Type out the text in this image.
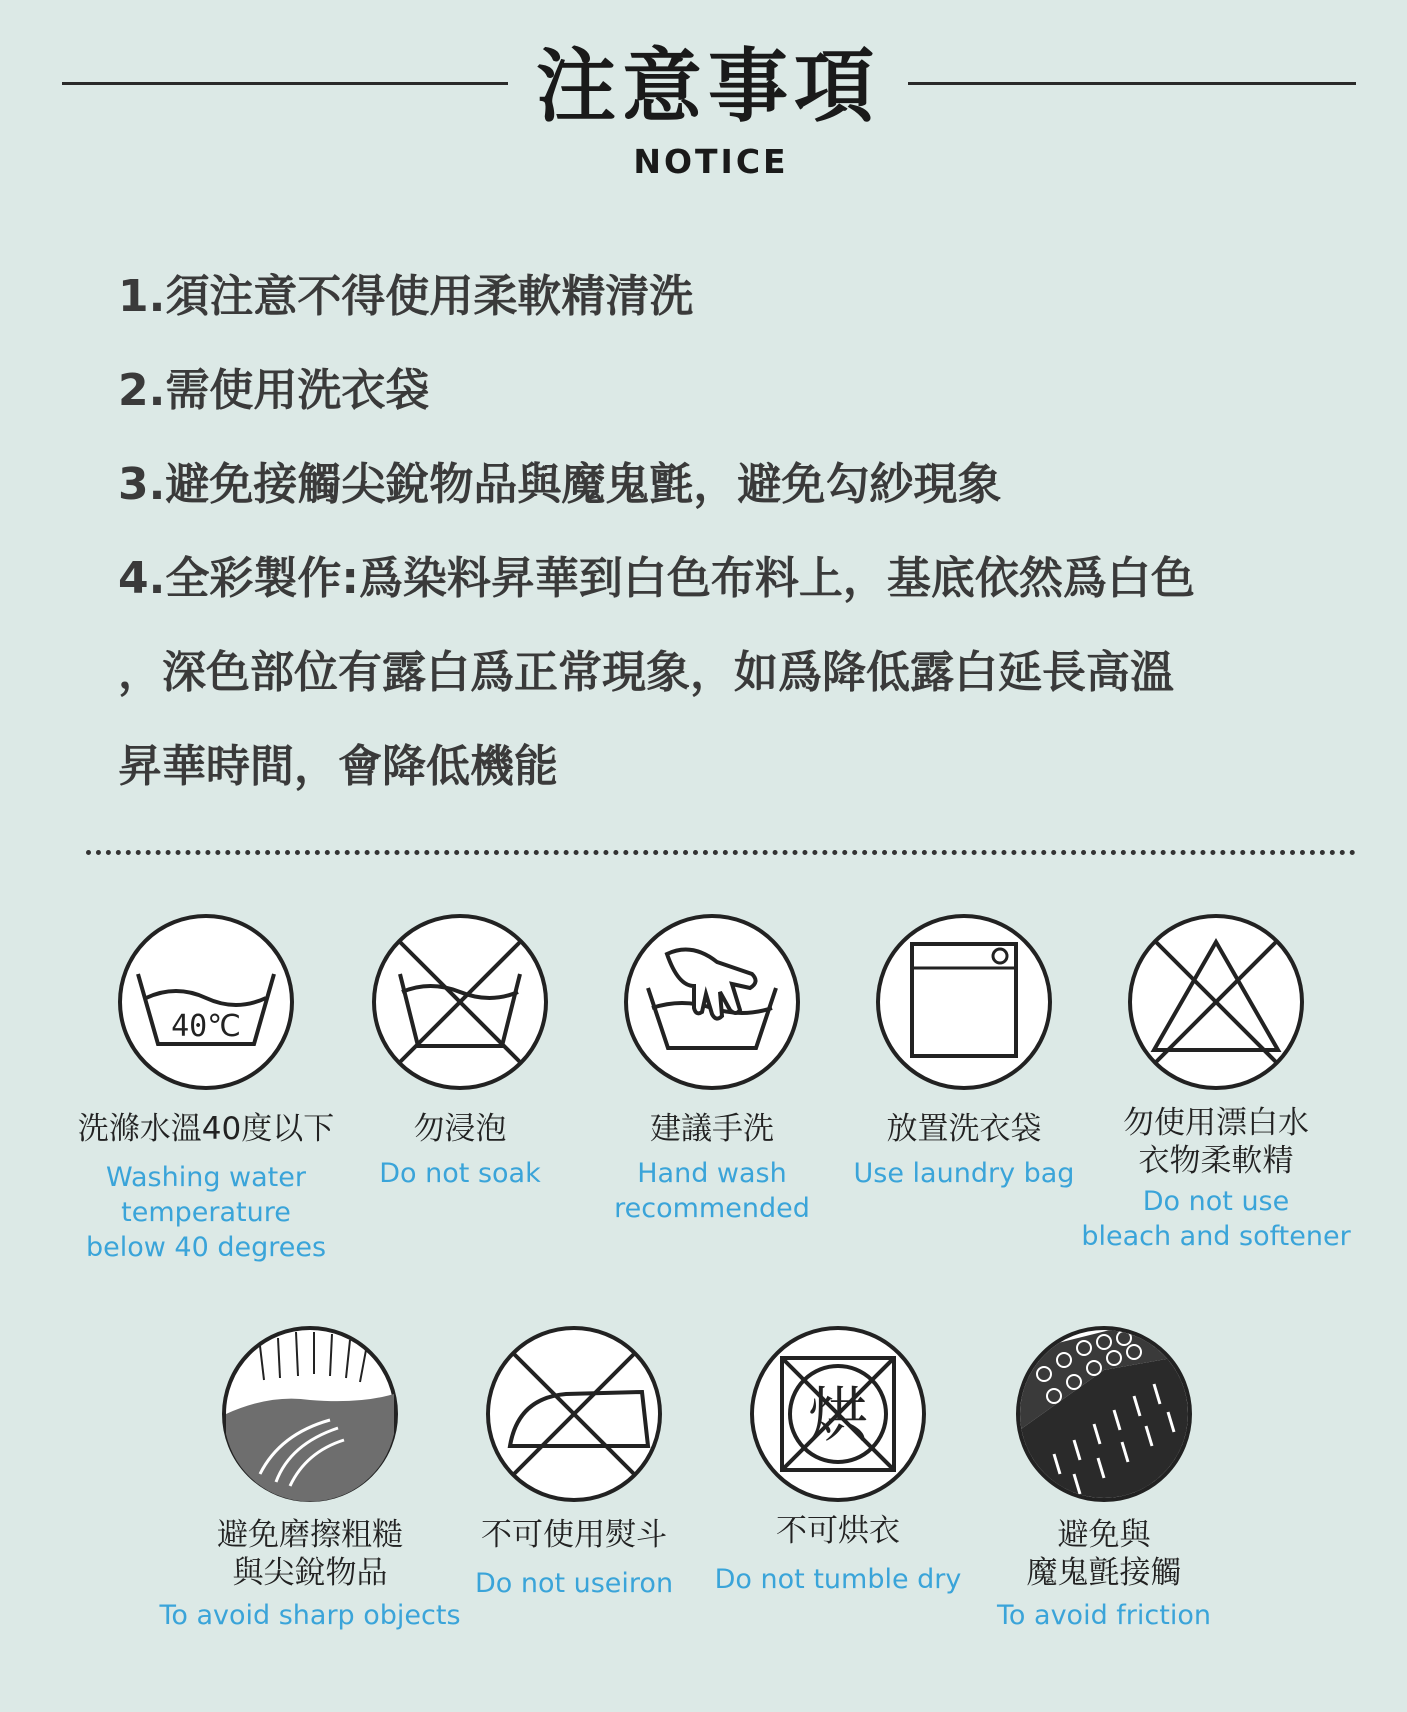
注意事項
NOTICE
1.須注意不得使用柔軟精清洗
2.需使用洗衣袋
3.避免接觸尖銳物品與魔鬼氈，避免勾紗現象
4.全彩製作:爲染料昇華到白色布料上，基底依然爲白色
，深色部位有露白爲正常現象，如爲降低露白延長高溫
昇華時間，會降低機能
40℃
洗滌水溫40度以下
Washing water
temperature
below 40 degrees
勿浸泡
Do not soak
建議手洗
Hand wash
recommended
放置洗衣袋
Use laundry bag
勿使用漂白水
衣物柔軟精
Do not use
bleach and softener
烘
避免磨擦粗糙
與尖銳物品
To avoid sharp objects
不可使用熨斗
Do not useiron
不可烘衣
Do not tumble dry
避免與
魔鬼氈接觸
To avoid friction
